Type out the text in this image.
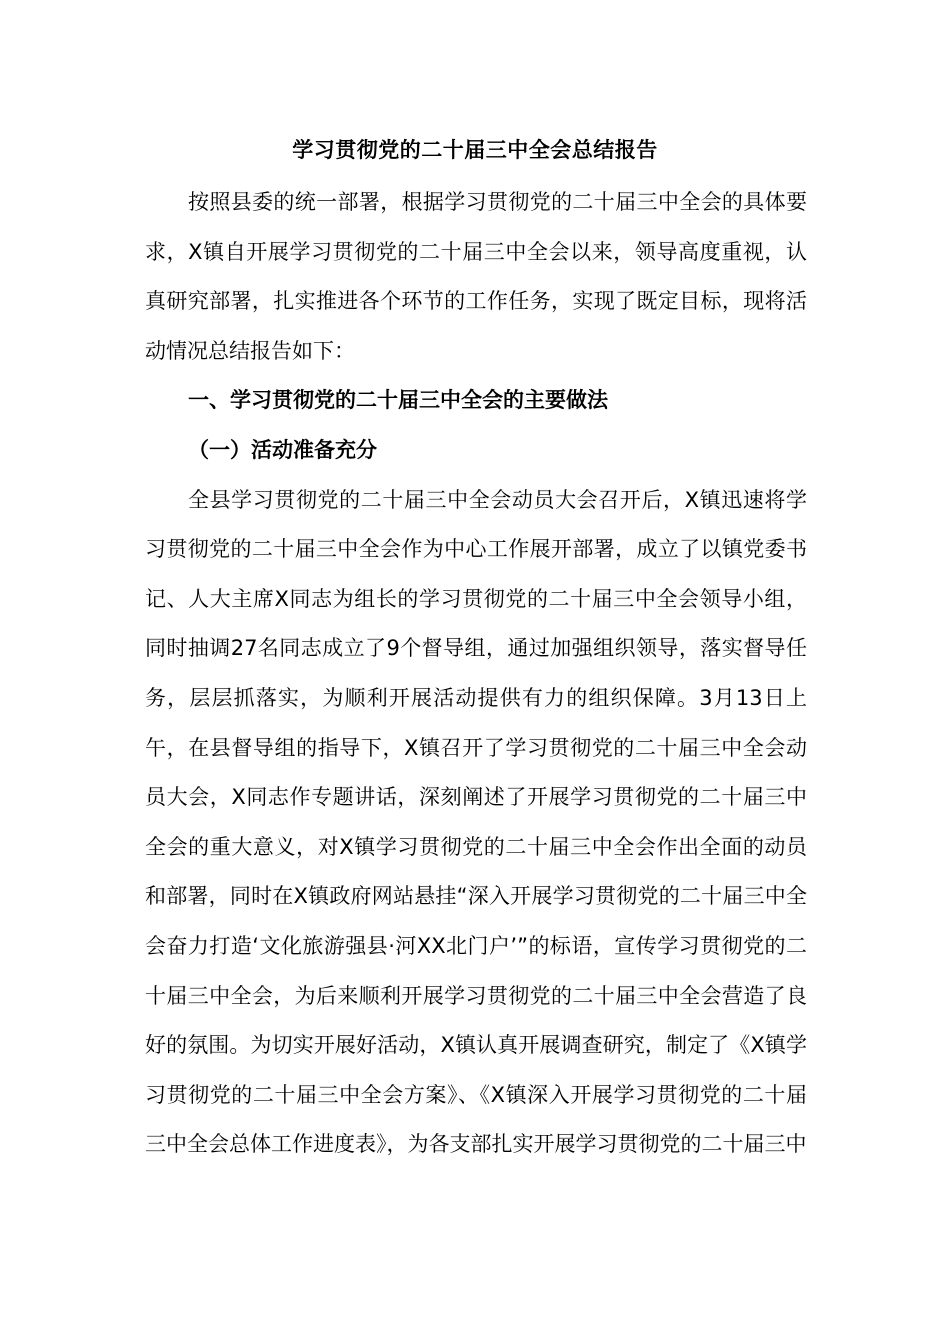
学习贯彻党的二十届三中全会总结报告

按照县委的统一部署，根据学习贯彻党的二十届三中全会的具体要求，X镇自开展学习贯彻党的二十届三中全会以来，领导高度重视，认真研究部署，扎实推进各个环节的工作任务，实现了既定目标，现将活动情况总结报告如下：

一、学习贯彻党的二十届三中全会的主要做法

（一）活动准备充分

全县学习贯彻党的二十届三中全会动员大会召开后，X镇迅速将学习贯彻党的二十届三中全会作为中心工作展开部署，成立了以镇党委书记、人大主席X同志为组长的学习贯彻党的二十届三中全会领导小组，同时抽调27名同志成立了9个督导组，通过加强组织领导，落实督导任务，层层抓落实，为顺利开展活动提供有力的组织保障。3月13日上午，在县督导组的指导下，X镇召开了学习贯彻党的二十届三中全会动员大会，X同志作专题讲话，深刻阐述了开展学习贯彻党的二十届三中全会的重大意义，对X镇学习贯彻党的二十届三中全会作出全面的动员和部署，同时在X镇政府网站悬挂“深入开展学习贯彻党的二十届三中全会奋力打造‘文化旅游强县·河XX北门户’”的标语，宣传学习贯彻党的二十届三中全会，为后来顺利开展学习贯彻党的二十届三中全会营造了良好的氛围。为切实开展好活动，X镇认真开展调查研究，制定了《X镇学习贯彻党的二十届三中全会方案》、《X镇深入开展学习贯彻党的二十届三中全会总体工作进度表》，为各支部扎实开展学习贯彻党的二十届三中
